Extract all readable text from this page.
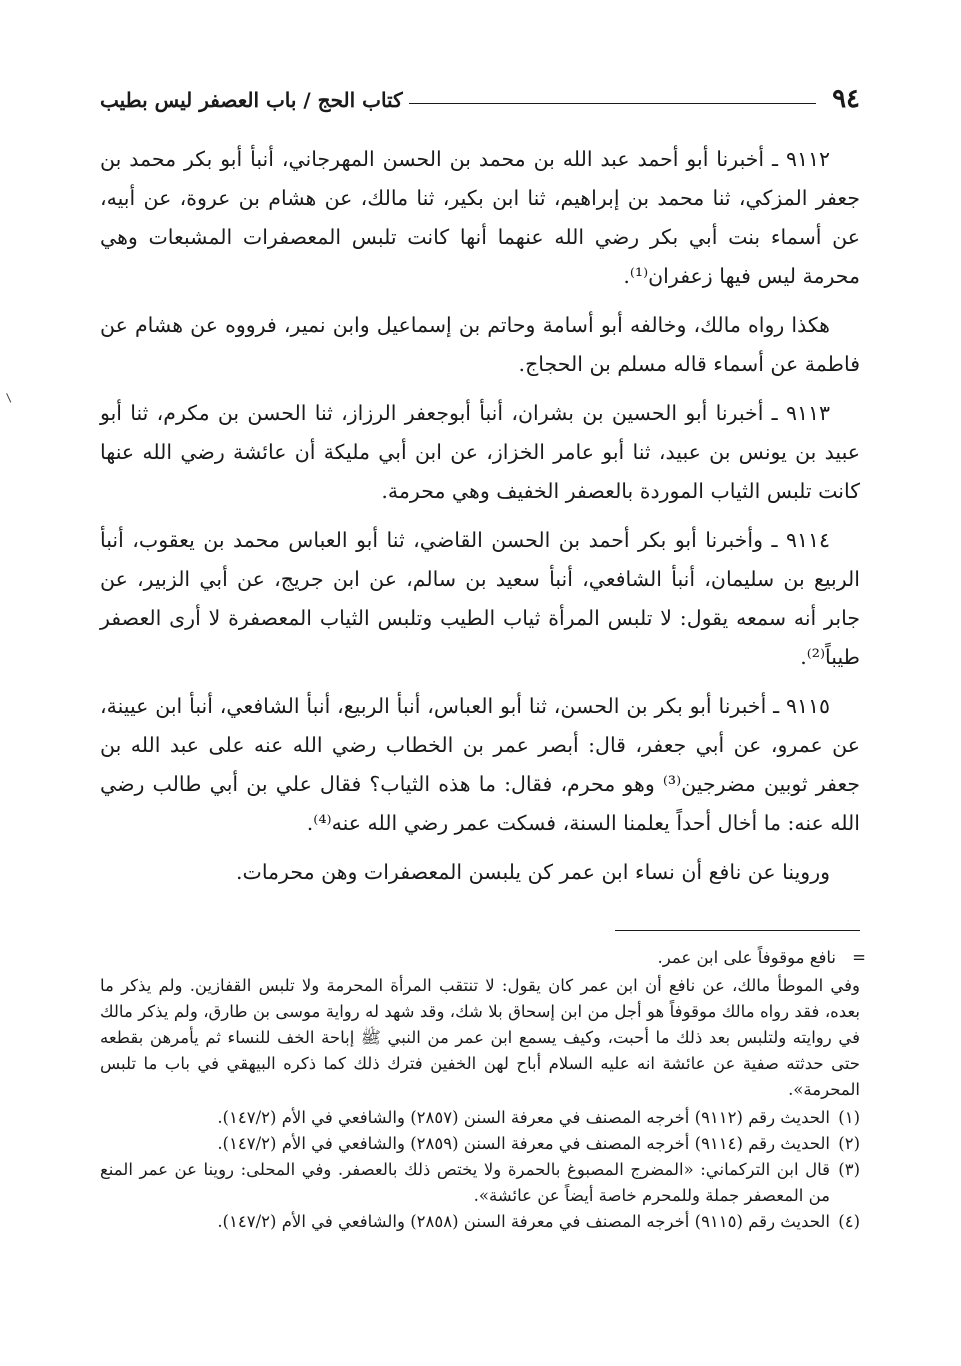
٩٤
كتاب الحج / باب العصفر ليس بطيب

٩١١٢ ـ أخبرنا أبو أحمد عبد الله بن محمد بن الحسن المهرجاني، أنبأ أبو بكر محمد بن جعفر المزكي، ثنا محمد بن إبراهيم، ثنا ابن بكير، ثنا مالك، عن هشام بن عروة، عن أبيه، عن أسماء بنت أبي بكر رضي الله عنهما أنها كانت تلبس المعصفرات المشبعات وهي محرمة ليس فيها زعفران⁽¹⁾.

هكذا رواه مالك، وخالفه أبو أسامة وحاتم بن إسماعيل وابن نمير، فرووه عن هشام عن فاطمة عن أسماء قاله مسلم بن الحجاج.

٩١١٣ ـ أخبرنا أبو الحسين بن بشران، أنبأ أبوجعفر الرزاز، ثنا الحسن بن مكرم، ثنا أبو عبيد بن يونس بن عبيد، ثنا أبو عامر الخزاز، عن ابن أبي مليكة أن عائشة رضي الله عنها كانت تلبس الثياب الموردة بالعصفر الخفيف وهي محرمة.

٩١١٤ ـ وأخبرنا أبو بكر أحمد بن الحسن القاضي، ثنا أبو العباس محمد بن يعقوب، أنبأ الربيع بن سليمان، أنبأ الشافعي، أنبأ سعيد بن سالم، عن ابن جريج، عن أبي الزبير، عن جابر أنه سمعه يقول: لا تلبس المرأة ثياب الطيب وتلبس الثياب المعصفرة لا أرى العصفر طيباً⁽²⁾.

٩١١٥ ـ أخبرنا أبو بكر بن الحسن، ثنا أبو العباس، أنبأ الربيع، أنبأ الشافعي، أنبأ ابن عيينة، عن عمرو، عن أبي جعفر، قال: أبصر عمر بن الخطاب رضي الله عنه على عبد الله بن جعفر ثوبين مضرجين⁽³⁾ وهو محرم، فقال: ما هذه الثياب؟ فقال علي بن أبي طالب رضي الله عنه: ما أخال أحداً يعلمنا السنة، فسكت عمر رضي الله عنه⁽⁴⁾.

وروينا عن نافع أن نساء ابن عمر كن يلبسن المعصفرات وهن محرمات.

=
نافع موقوفاً على ابن عمر.

وفي الموطأ مالك، عن نافع أن ابن عمر كان يقول: لا تنتقب المرأة المحرمة ولا تلبس القفازين. ولم يذكر ما بعده، فقد رواه مالك موقوفاً هو أجل من ابن إسحاق بلا شك، وقد شهد له رواية موسى بن طارق، ولم يذكر مالك في روايته ولتلبس بعد ذلك ما أحبت، وكيف يسمع ابن عمر من النبي ﷺ إباحة الخف للنساء ثم يأمرهن بقطعه حتى حدثته صفية عن عائشة انه عليه السلام أباح لهن الخفين فترك ذلك كما ذكره البيهقي في باب ما تلبس المحرمة».

(١)
الحديث رقم (٩١١٢) أخرجه المصنف في معرفة السنن (٢٨٥٧) والشافعي في الأم (١٤٧/٢).
(٢)
الحديث رقم (٩١١٤) أخرجه المصنف في معرفة السنن (٢٨٥٩) والشافعي في الأم (١٤٧/٢).
(٣)
قال ابن التركماني: «المضرج المصبوغ بالحمرة ولا يختص ذلك بالعصفر. وفي المحلى: روينا عن عمر المنع من المعصفر جملة وللمحرم خاصة أيضاً عن عائشة».
(٤)
الحديث رقم (٩١١٥) أخرجه المصنف في معرفة السنن (٢٨٥٨) والشافعي في الأم (١٤٧/٢).
